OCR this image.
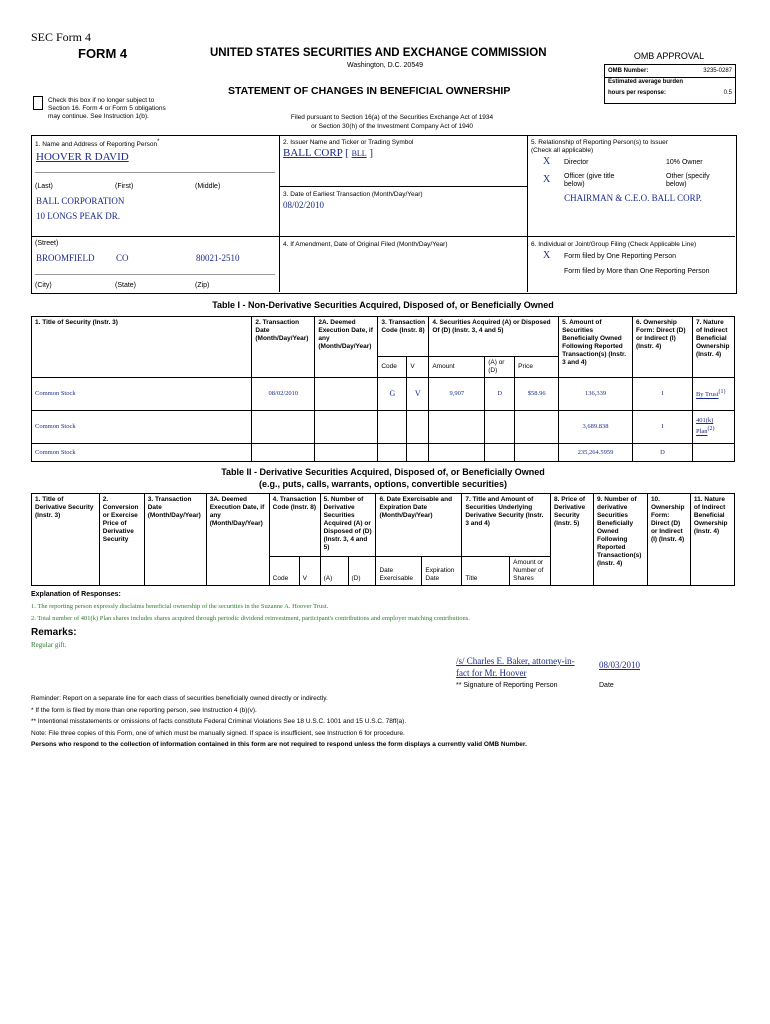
SEC Form 4
FORM 4	UNITED STATES SECURITIES AND EXCHANGE COMMISSION
Washington, D.C. 20549
STATEMENT OF CHANGES IN BENEFICIAL OWNERSHIP
Check this box if no longer subject to Section 16. Form 4 or Form 5 obligations may continue. See Instruction 1(b).	Filed pursuant to Section 16(a) of the Securities Exchange Act of 1934
or Section 30(h) of the Investment Company Act of 1940
OMB APPROVAL
OMB Number:	3235-0287
Estimated average burden
hours per response:	0.5
1. Name and Address of Reporting Person*
HOOVER R DAVID
(Last)	(First)	(Middle)
BALL CORPORATION
10 LONGS PEAK DR.
(Street)
BROOMFIELD CO	80021-2510
(City)	(State)	(Zip)
2. Issuer Name and Ticker or Trading Symbol
BALL CORP [ BLL ]
3. Date of Earliest Transaction (Month/Day/Year)
08/02/2010
4. If Amendment, Date of Original Filed (Month/Day/Year)
5. Relationship of Reporting Person(s) to Issuer
(Check all applicable)
X Director	10% Owner
X Officer (give title below)
Other (specify below)
CHAIRMAN & C.E.O. BALL CORP.
6. Individual or Joint/Group Filing (Check Applicable Line)
X Form filed by One Reporting Person
Form filed by More than One Reporting Person
Table I - Non-Derivative Securities Acquired, Disposed of, or Beneficially Owned
1. Title of Security (Instr. 3)	2. Transaction Date (Month/Day/Year)	2A. Deemed Execution Date, if any (Month/Day/Year)	3. Transaction Code (Instr. 8)		4. Securities Acquired (A) or Disposed Of (D) (Instr. 3, 4 and 5)			5. Amount of Securities Beneficially Owned Following Reported Transaction(s) (Instr. 3 and 4)	6. Ownership Form: Direct (D) or Indirect (I) (Instr. 4)	7. Nature of Indirect Beneficial Ownership (Instr. 4)
			Code	V	Amount	(A) or (D)	Price			
Common Stock	08/02/2010		G	V	9,907	D	$58.96	136,339	I	By Trust$^{(1)}$
Common Stock								3,689.838	I	401(k) Plan$^{(2)}$
Common Stock								235,264.5959	D	
Table II - Derivative Securities Acquired, Disposed of, or Beneficially Owned
(e.g., puts, calls, warrants, options, convertible securities)
1. Title of Derivative Security (Instr. 3)	2. Conversion or Exercise Price of Derivative Security	3. Transaction Date (Month/Day/Year)	3A. Deemed Execution Date, if any (Month/Day/Year)	4. Transaction Code (Instr. 8)		5. Number of Derivative Securities Acquired (A) or Disposed of (D) (Instr. 3, 4 and 5)		6. Date Exercisable and Expiration Date (Month/Day/Year)		7. Title and Amount of Securities Underlying Derivative Security (Instr. 3 and 4)		8. Price of Derivative Security (Instr. 5)	9. Number of derivative Securities Beneficially Owned Following Reported Transaction(s) (Instr. 4)	10. Ownership Form: Direct (D) or Indirect (I) (Instr. 4)	11. Nature of Indirect Beneficial Ownership (Instr. 4)
				Code	V	(A)	(D)	Date Exercisable	Expiration Date	Title	Amount or Number of Shares				
Explanation of Responses:
1. The reporting person expressly disclaims beneficial ownership of the securities in the Suzanne A. Hoover Trust.
2. Total number of 401(k) Plan shares includes shares acquired through periodic dividend reinvestment, participant's contributions and employer matching contributions.
Remarks:
Regular gift.
/s/ Charles E. Baker, attorney-in-fact for Mr. Hoover
08/03/2010
** Signature of Reporting Person	Date
Reminder: Report on a separate line for each class of securities beneficially owned directly or indirectly.
* If the form is filed by more than one reporting person, see Instruction 4 (b)(v).
** Intentional misstatements or omissions of facts constitute Federal Criminal Violations See 18 U.S.C. 1001 and 15 U.S.C. 78ff(a).
Note: File three copies of this Form, one of which must be manually signed. If space is insufficient, see Instruction 6 for procedure.
Persons who respond to the collection of information contained in this form are not required to respond unless the form displays a currently valid OMB Number.
